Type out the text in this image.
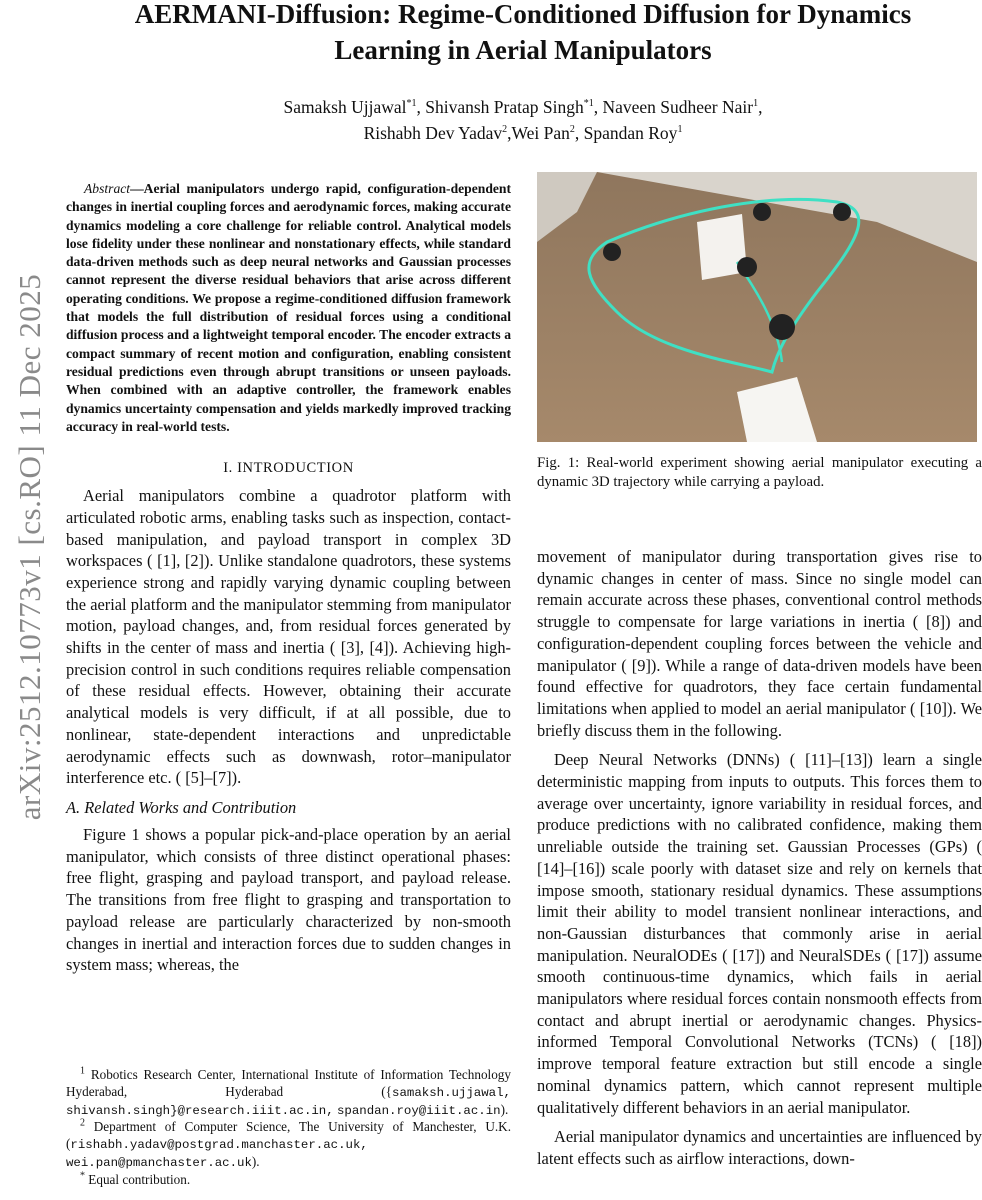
arXiv:2512.10773v1 [cs.RO] 11 Dec 2025
AERMANI-Diffusion: Regime-Conditioned Diffusion for Dynamics
Learning in Aerial Manipulators
Samaksh Ujjawal$^{*1}$, Shivansh Pratap Singh$^{*1}$, Naveen Sudheer Nair$^1$,
Rishabh Dev Yadav$^2$,Wei Pan$^2$, Spandan Roy$^1$

Abstract—Aerial manipulators undergo rapid, configuration-dependent changes in inertial coupling forces and aerodynamic forces, making accurate dynamics modeling a core challenge for reliable control. Analytical models lose fidelity under these nonlinear and nonstationary effects, while standard data-driven methods such as deep neural networks and Gaussian processes cannot represent the diverse residual behaviors that arise across different operating conditions. We propose a regime-conditioned diffusion framework that models the full distribution of residual forces using a conditional diffusion process and a lightweight temporal encoder. The encoder extracts a compact summary of recent motion and configuration, enabling consistent residual predictions even through abrupt transitions or unseen payloads. When combined with an adaptive controller, the framework enables dynamics uncertainty compensation and yields markedly improved tracking accuracy in real-world tests.

I. INTRODUCTION

Aerial manipulators combine a quadrotor platform with articulated robotic arms, enabling tasks such as inspection, contact-based manipulation, and payload transport in complex 3D workspaces ( [1], [2]). Unlike standalone quadrotors, these systems experience strong and rapidly varying dynamic coupling between the aerial platform and the manipulator stemming from manipulator motion, payload changes, and, from residual forces generated by shifts in the center of mass and inertia ( [3], [4]). Achieving high-precision control in such conditions requires reliable compensation of these residual effects. However, obtaining their accurate analytical models is very difficult, if at all possible, due to nonlinear, state-dependent interactions and unpredictable aerodynamic effects such as downwash, rotor–manipulator interference etc. ( [5]–[7]).

A. Related Works and Contribution

Figure 1 shows a popular pick-and-place operation by an aerial manipulator, which consists of three distinct operational phases: free flight, grasping and payload transport, and payload release. The transitions from free flight to grasping and transportation to payload release are particularly characterized by non-smooth changes in inertial and interaction forces due to sudden changes in system mass; whereas, the

$^1$ Robotics Research Center, International Institute of Information Technology Hyderabad, Hyderabad ({samaksh.ujjawal, shivansh.singh}@research.iiit.ac.in, spandan.roy@iiit.ac.in).

$^2$ Department of Computer Science, The University of Manchester, U.K. (rishabh.yadav@postgrad.manchaster.ac.uk, wei.pan@pmanchaster.ac.uk).

* Equal contribution.

Fig. 1: Real-world experiment showing aerial manipulator executing a dynamic 3D trajectory while carrying a payload.

movement of manipulator during transportation gives rise to dynamic changes in center of mass. Since no single model can remain accurate across these phases, conventional control methods struggle to compensate for large variations in inertia ( [8]) and configuration-dependent coupling forces between the vehicle and manipulator ( [9]). While a range of data-driven models have been found effective for quadrotors, they face certain fundamental limitations when applied to model an aerial manipulator ( [10]). We briefly discuss them in the following.

Deep Neural Networks (DNNs) ( [11]–[13]) learn a single deterministic mapping from inputs to outputs. This forces them to average over uncertainty, ignore variability in residual forces, and produce predictions with no calibrated confidence, making them unreliable outside the training set. Gaussian Processes (GPs) ( [14]–[16]) scale poorly with dataset size and rely on kernels that impose smooth, stationary residual dynamics. These assumptions limit their ability to model transient nonlinear interactions, and non-Gaussian disturbances that commonly arise in aerial manipulation. NeuralODEs ( [17]) and NeuralSDEs ( [17]) assume smooth continuous-time dynamics, which fails in aerial manipulators where residual forces contain nonsmooth effects from contact and abrupt inertial or aerodynamic changes. Physics-informed Temporal Convolutional Networks (TCNs) ( [18]) improve temporal feature extraction but still encode a single nominal dynamics pattern, which cannot represent multiple qualitatively different behaviors in an aerial manipulator.

Aerial manipulator dynamics and uncertainties are influenced by latent effects such as airflow interactions, down-
